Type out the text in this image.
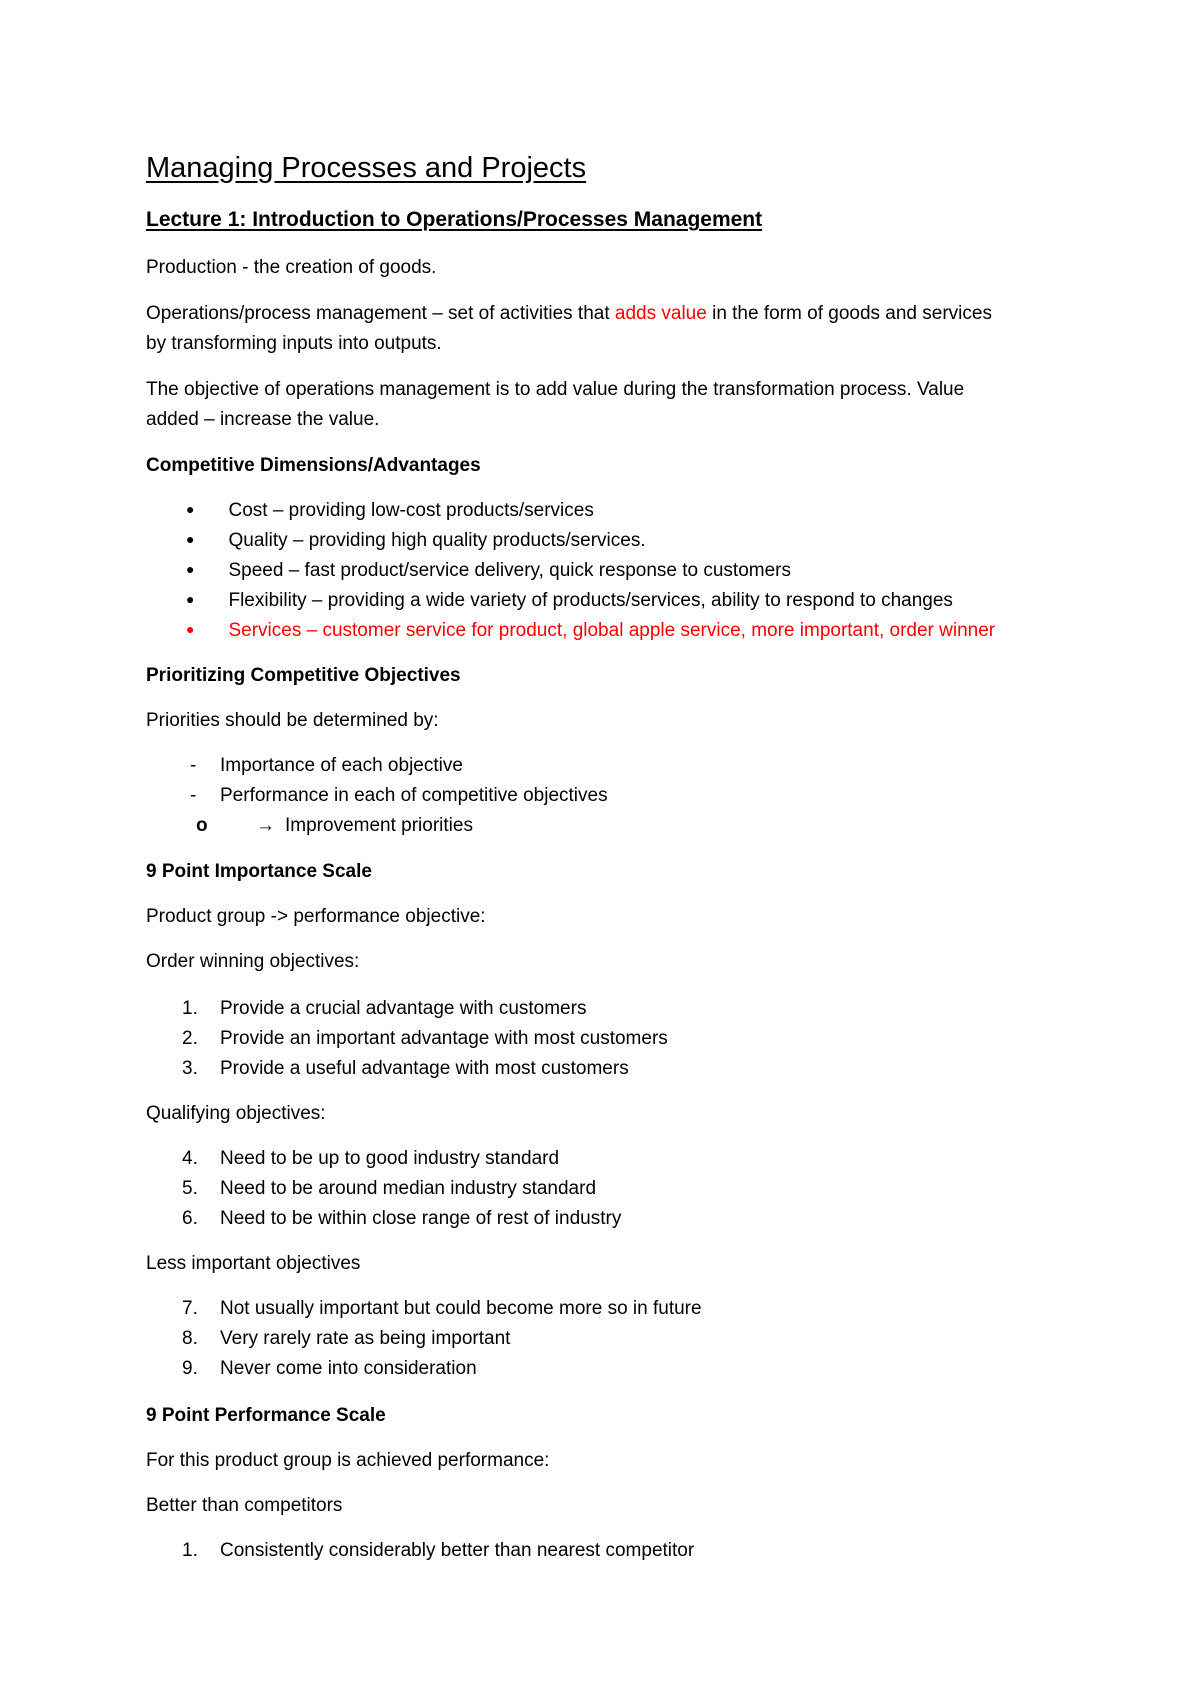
Managing Processes and Projects
Lecture 1: Introduction to Operations/Processes Management
Production - the creation of goods.
Operations/process management – set of activities that adds value in the form of goods and services
by transforming inputs into outputs.
The objective of operations management is to add value during the transformation process. Value
added – increase the value.
Competitive Dimensions/Advantages
● Cost – providing low-cost products/services
● Quality – providing high quality products/services.
● Speed – fast product/service delivery, quick response to customers
● Flexibility – providing a wide variety of products/services, ability to respond to changes
● Services – customer service for product, global apple service, more important, order winner
Prioritizing Competitive Objectives
Priorities should be determined by:
-	Importance of each objective
-	Performance in each of competitive objectives
o	→ Improvement priorities
9 Point Importance Scale
Product group -> performance objective:
Order winning objectives:
1.	Provide a crucial advantage with customers
2.	Provide an important advantage with most customers
3.	Provide a useful advantage with most customers
Qualifying objectives:
4.	Need to be up to good industry standard
5.	Need to be around median industry standard
6.	Need to be within close range of rest of industry
Less important objectives
7.	Not usually important but could become more so in future
8.	Very rarely rate as being important
9.	Never come into consideration
9 Point Performance Scale
For this product group is achieved performance:
Better than competitors
1.	Consistently considerably better than nearest competitor
